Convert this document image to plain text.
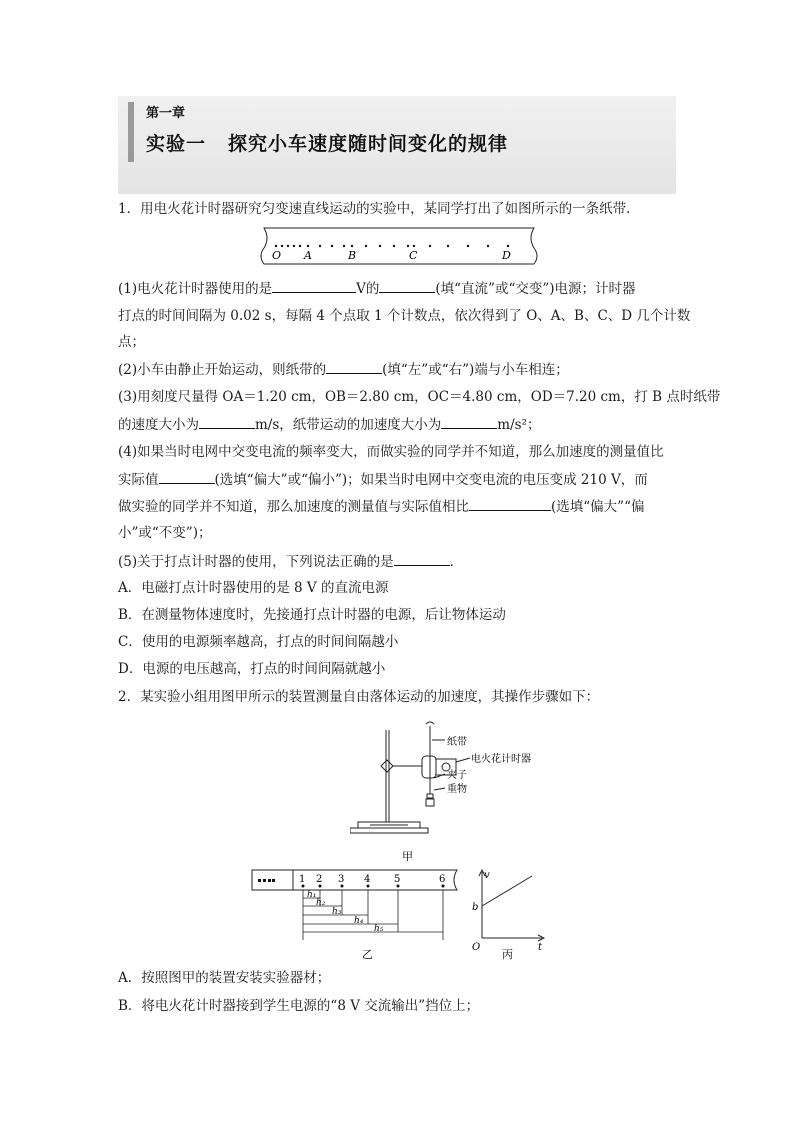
第一章
实验一 探究小车速度随时间变化的规律
1．用电火花计时器研究匀变速直线运动的实验中，某同学打出了如图所示的一条纸带．
O A	B	C	D
(1)电火花计时器使用的是	V的	(填“直流”或“交变”)电源；计时器
打点的时间间隔为 0.02 s，每隔 4 个点取 1 个计数点，依次得到了 O、A、B、C、D 几个计数
点；
(2)小车由静止开始运动，则纸带的	(填“左”或“右”)端与小车相连；
(3)用刻度尺量得 OA＝1.20 cm，OB＝2.80 cm，OC＝4.80 cm，OD＝7.20 cm，打 B 点时纸带
的速度大小为	m/s，纸带运动的加速度大小为	m/s²；
(4)如果当时电网中交变电流的频率变大，而做实验的同学并不知道，那么加速度的测量值比
实际值	(选填“偏大”或“偏小”)；如果当时电网中交变电流的电压变成 210 V，而
做实验的同学并不知道，那么加速度的测量值与实际值相比	(选填“偏大”“偏
小”或“不变”)；
(5)关于打点计时器的使用，下列说法正确的是	．
A．电磁打点计时器使用的是 8 V 的直流电源
B．在测量物体速度时，先接通打点计时器的电源，后让物体运动
C．使用的电源频率越高，打点的时间间隔越小
D．电源的电压越高，打点的时间间隔就越小
2．某实验小组用图甲所示的装置测量自由落体运动的加速度，其操作步骤如下：
纸带
电火花计时器
夹子
重物
甲
1 2 3 4 5	6
h₁
h₂
h₃
h₄
h₅
乙
v
t
O
b
丙
A．按照图甲的装置安装实验器材；
B．将电火花计时器接到学生电源的“8 V 交流输出”挡位上；
